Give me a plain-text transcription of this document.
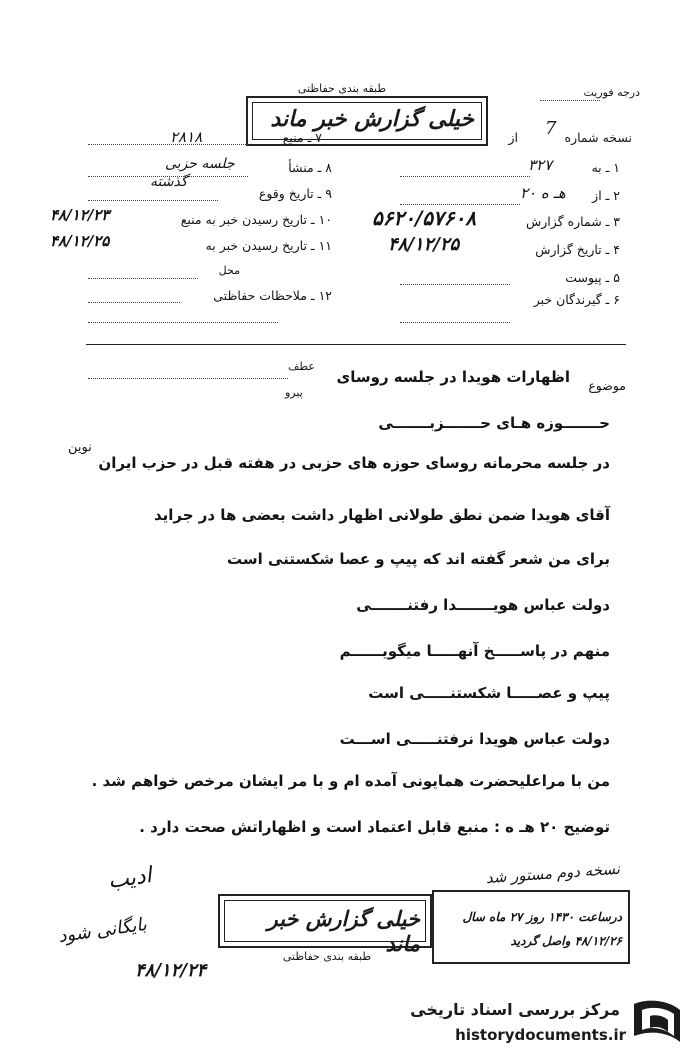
درجه فوریت
طبقه بندی حفاظتی
خیلی گزارش خبر ماند
۲۸۱۸	۷ ـ منبع	از	نسخه شماره
7
۱ ـ به
۳۲۷
۲ ـ از
۲۰ هـ ه
۳ ـ شماره گزارش
۵۶۲۰/۵۷۶۰۸
۴ ـ تاریخ گزارش
۴۸/۱۲/۲۵
۵ ـ پیوست
۶ ـ گیرندگان خبر
۸ ـ منشأ
جلسه حزبی
۹ ـ تاریخ وقوع
گذشته
۱۰ ـ تاریخ رسیدن خبر به منبع
۴۸/۱۲/۲۳
۱۱ ـ تاریخ رسیدن خبر به
۴۸/۱۲/۲۵
محل
۱۲ ـ ملاحظات حفاظتی
عطف
پیرو	موضوع
اظهارات هویدا در جلسه روسای
نوین
حـــــــوزه هـای حـــــــزبـــــــی
در جلسه محرمانه روسای حوزه های حزبی در هفته قبل در حزب ایران
آقای هویدا ضمن نطق طولانی اظهار داشت بعضی ها در جراید
برای من شعر گفته اند که پیپ و عصا شکستنی است
دولت عباس هویـــــــدا رفتنـــــــی
منهم در پاســـــخ آنهـــــا میگویــــــم
پیپ و عصـــــا شکستنـــــی است
دولت عباس هویدا نرفتنـــــی اســـت
من با مراعلیحضرت همایونی آمده ام و با مر ایشان مرخص خواهم شد .
توضیح ۲۰ هـ ه : منبع قابل اعتماد است و اظهاراتش صحت دارد .
ادیب	نسخه دوم مستور شد
بایگانی شود
۴۸/۱۲/۲۴
خیلی گزارش خبر ماند
طبقه بندی حفاظتی
درساعت ۱۴۳۰ روز ۲۷ ماه سال
۴۸/۱۲/۲۶ واصل گردید
مرکز بررسی اسناد تاریخی
historydocuments.ir
